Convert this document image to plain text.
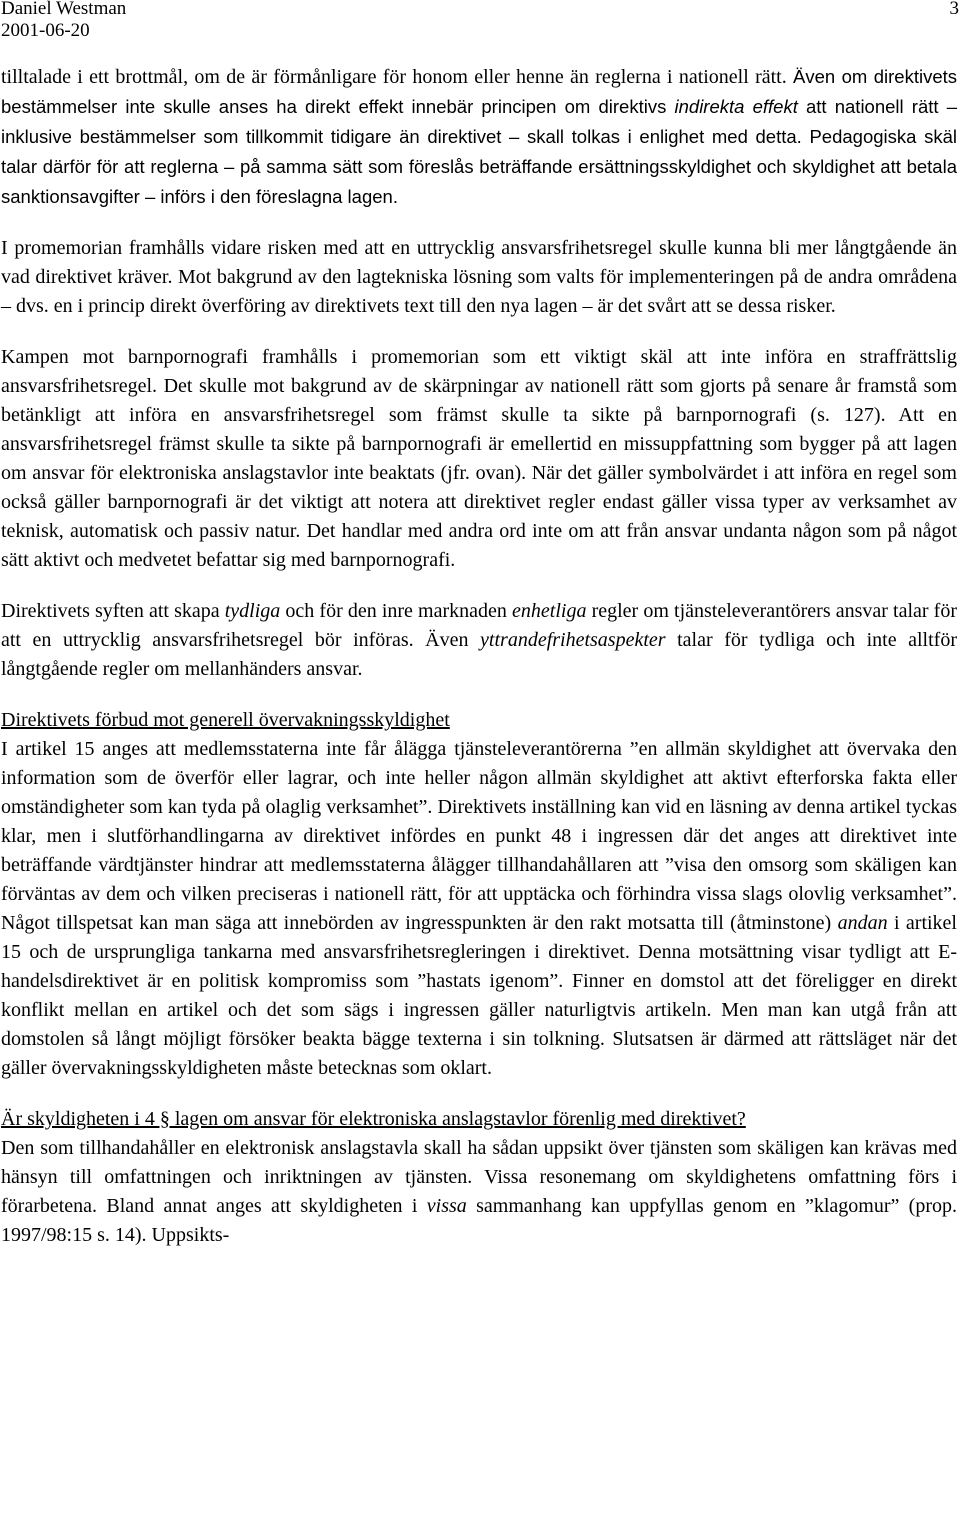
Daniel Westman	3
2001-06-20

tilltalade i ett brottmål, om de är förmånligare för honom eller henne än reglerna i nationell rätt. Även om direktivets bestämmelser inte skulle anses ha direkt effekt innebär principen om direktivs indirekta effekt att nationell rätt – inklusive bestämmelser som tillkommit tidigare än direktivet – skall tolkas i enlighet med detta. Pedagogiska skäl talar därför för att reglerna – på samma sätt som föreslås beträffande ersättningsskyldighet och skyldighet att betala sanktionsavgifter – införs i den föreslagna lagen.

I promemorian framhålls vidare risken med att en uttrycklig ansvarsfrihetsregel skulle kunna bli mer långtgående än vad direktivet kräver. Mot bakgrund av den lagtekniska lösning som valts för implementeringen på de andra områdena – dvs. en i princip direkt överföring av direktivets text till den nya lagen – är det svårt att se dessa risker.

Kampen mot barnpornografi framhålls i promemorian som ett viktigt skäl att inte införa en straffrättslig ansvarsfrihetsregel. Det skulle mot bakgrund av de skärpningar av nationell rätt som gjorts på senare år framstå som betänkligt att införa en ansvarsfrihetsregel som främst skulle ta sikte på barnpornografi (s. 127). Att en ansvarsfrihetsregel främst skulle ta sikte på barnpornografi är emellertid en missuppfattning som bygger på att lagen om ansvar för elektroniska anslagstavlor inte beaktats (jfr. ovan). När det gäller symbolvärdet i att införa en regel som också gäller barnpornografi är det viktigt att notera att direktivet regler endast gäller vissa typer av verksamhet av teknisk, automatisk och passiv natur. Det handlar med andra ord inte om att från ansvar undanta någon som på något sätt aktivt och medvetet befattar sig med barnpornografi.

Direktivets syften att skapa tydliga och för den inre marknaden enhetliga regler om tjänsteleverantörers ansvar talar för att en uttrycklig ansvarsfrihetsregel bör införas. Även yttrandefrihetsaspekter talar för tydliga och inte alltför långtgående regler om mellanhänders ansvar.

Direktivets förbud mot generell övervakningsskyldighet

I artikel 15 anges att medlemsstaterna inte får ålägga tjänsteleverantörerna ”en allmän skyldighet att övervaka den information som de överför eller lagrar, och inte heller någon allmän skyldighet att aktivt efterforska fakta eller omständigheter som kan tyda på olaglig verksamhet”. Direktivets inställning kan vid en läsning av denna artikel tyckas klar, men i slutförhandlingarna av direktivet infördes en punkt 48 i ingressen där det anges att direktivet inte beträffande värdtjänster hindrar att medlemsstaterna ålägger tillhandahållaren att ”visa den omsorg som skäligen kan förväntas av dem och vilken preciseras i nationell rätt, för att upptäcka och förhindra vissa slags olovlig verksamhet”. Något tillspetsat kan man säga att innebörden av ingresspunkten är den rakt motsatta till (åtminstone) andan i artikel 15 och de ursprungliga tankarna med ansvarsfrihetsregleringen i direktivet. Denna motsättning visar tydligt att E-handelsdirektivet är en politisk kompromiss som ”hastats igenom”. Finner en domstol att det föreligger en direkt konflikt mellan en artikel och det som sägs i ingressen gäller naturligtvis artikeln. Men man kan utgå från att domstolen så långt möjligt försöker beakta bägge texterna i sin tolkning. Slutsatsen är därmed att rättsläget när det gäller övervakningsskyldigheten måste betecknas som oklart.

Är skyldigheten i 4 § lagen om ansvar för elektroniska anslagstavlor förenlig med direktivet?

Den som tillhandahåller en elektronisk anslagstavla skall ha sådan uppsikt över tjänsten som skäligen kan krävas med hänsyn till omfattningen och inriktningen av tjänsten. Vissa resonemang om skyldighetens omfattning förs i förarbetena. Bland annat anges att skyldigheten i vissa sammanhang kan uppfyllas genom en ”klagomur” (prop. 1997/98:15 s. 14). Uppsikts-
